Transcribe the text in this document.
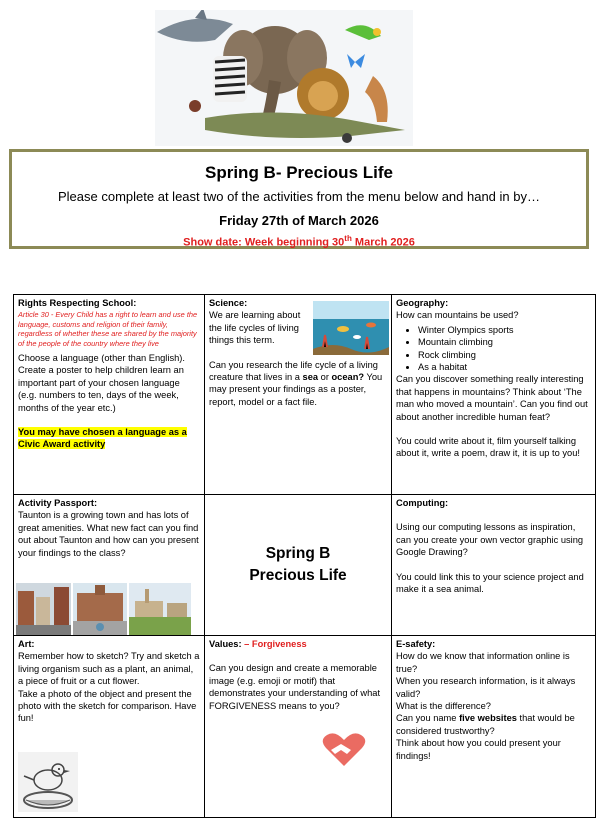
Spring B- Precious Life
Please complete at least two of the activities from the menu below and hand in by…
Friday 27th of March 2026
Show date: Week beginning 30th March 2026
Rights Respecting School:
Article 30 - Every Child has a right to learn and use the language, customs and religion of their family, regardless of whether these are shared by the majority of the people of the country where they live
Choose a language (other than English). Create a poster to help children learn an important part of your chosen language (e.g. numbers to ten, days of the week, months of the year etc.)
You may have chosen a language as a Civic Award activity
Science:
We are learning about the life cycles of living things this term.
Can you research the life cycle of a living creature that lives in a sea or ocean? You may present your findings as a poster, report, model or a fact file.
Geography:
How can mountains be used?
• Winter Olympics sports
• Mountain climbing
• Rock climbing
• As a habitat
Can you discover something really interesting that happens in mountains? Think about ‘The man who moved a mountain’. Can you find out about another incredible human feat?
You could write about it, film yourself talking about it, write a poem, draw it, it is up to you!
Activity Passport:
Taunton is a growing town and has lots of great amenities. What new fact can you find out about Taunton and how can you present your findings to the class?	Spring B
Precious Life
Computing:
Using our computing lessons as inspiration, can you create your own vector graphic using Google Drawing?
You could link this to your science project and make it a sea animal.
Art:
Remember how to sketch? Try and sketch a living organism such as a plant, an animal, a piece of fruit or a cut flower.
Take a photo of the object and present the photo with the sketch for comparison. Have fun!
Values: – Forgiveness
Can you design and create a memorable image (e.g. emoji or motif) that demonstrates your understanding of what FORGIVENESS means to you?
E-safety:
How do we know that information online is true?
When you research information, is it always valid?
What is the difference?
Can you name five websites that would be considered trustworthy?
Think about how you could present your findings!
